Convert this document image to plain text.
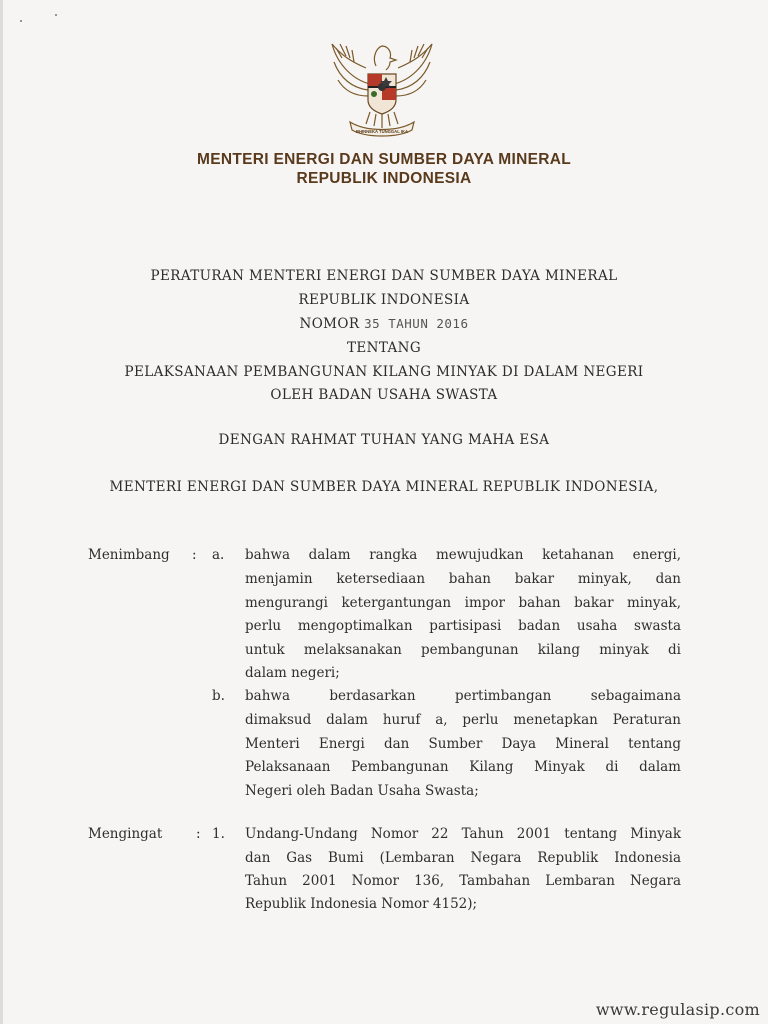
BHINNEKA TUNGGAL IKA
MENTERI ENERGI DAN SUMBER DAYA MINERAL
REPUBLIK INDONESIA
PERATURAN MENTERI ENERGI DAN SUMBER DAYA MINERAL
REPUBLIK INDONESIA
NOMOR 35 TAHUN 2016
TENTANG
PELAKSANAAN PEMBANGUNAN KILANG MINYAK DI DALAM NEGERI
OLEH BADAN USAHA SWASTA
DENGAN RAHMAT TUHAN YANG MAHA ESA
MENTERI ENERGI DAN SUMBER DAYA MINERAL REPUBLIK INDONESIA,
Menimbang : a. bahwa dalam rangka mewujudkan ketahanan energi,
menjamin ketersediaan bahan bakar minyak, dan
mengurangi ketergantungan impor bahan bakar minyak,
perlu mengoptimalkan partisipasi badan usaha swasta
untuk melaksanakan pembangunan kilang minyak di
dalam negeri;
b. bahwa berdasarkan pertimbangan sebagaimana
dimaksud dalam huruf a, perlu menetapkan Peraturan
Menteri Energi dan Sumber Daya Mineral tentang
Pelaksanaan Pembangunan Kilang Minyak di dalam
Negeri oleh Badan Usaha Swasta;
Mengingat : 1. Undang-Undang Nomor 22 Tahun 2001 tentang Minyak
dan Gas Bumi (Lembaran Negara Republik Indonesia
Tahun 2001 Nomor 136, Tambahan Lembaran Negara
Republik Indonesia Nomor 4152);
www.regulasip.com
